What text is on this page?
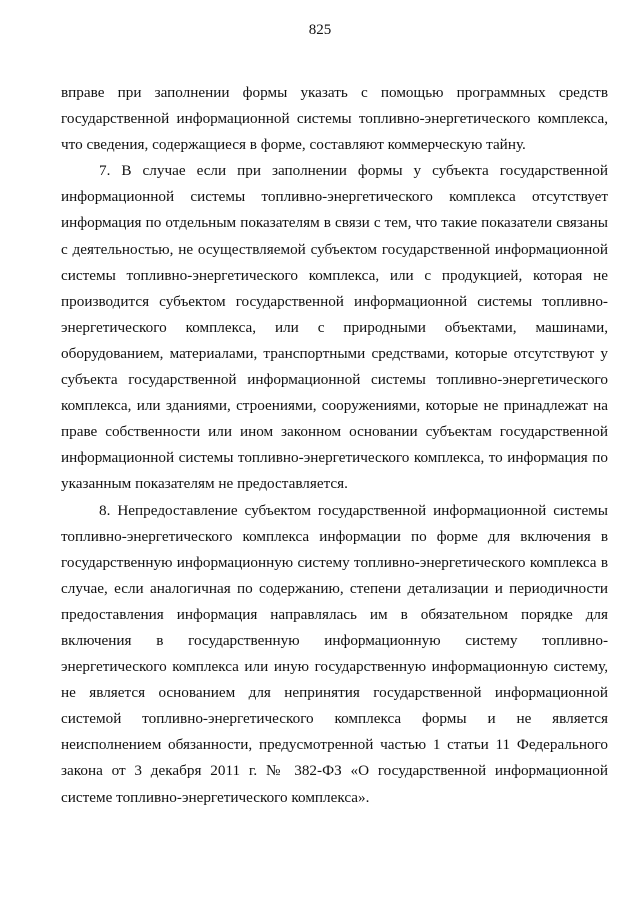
825

вправе при заполнении формы указать с помощью программных средств государственной информационной системы топливно-энергетического комплекса, что сведения, содержащиеся в форме, составляют коммерческую тайну.

7. В случае если при заполнении формы у субъекта государственной информационной системы топливно-энергетического комплекса отсутствует информация по отдельным показателям в связи с тем, что такие показатели связаны с деятельностью, не осуществляемой субъектом государственной информационной системы топливно-энергетического комплекса, или с продукцией, которая не производится субъектом государственной информационной системы топливно-энергетического комплекса, или с природными объектами, машинами, оборудованием, материалами, транспортными средствами, которые отсутствуют у субъекта государственной информационной системы топливно-энергетического комплекса, или зданиями, строениями, сооружениями, которые не принадлежат на праве собственности или ином законном основании субъектам государственной информационной системы топливно-энергетического комплекса, то информация по указанным показателям не предоставляется.

8. Непредоставление субъектом государственной информационной системы топливно-энергетического комплекса информации по форме для включения в государственную информационную систему топливно-энергетического комплекса в случае, если аналогичная по содержанию, степени детализации и периодичности предоставления информация направлялась им в обязательном порядке для включения в государственную информационную систему топливно-энергетического комплекса или иную государственную информационную систему, не является основанием для непринятия государственной информационной системой топливно-энергетического комплекса формы и не является неисполнением обязанности, предусмотренной частью 1 статьи 11 Федерального закона от 3 декабря 2011 г. № 382-ФЗ «О государственной информационной системе топливно-энергетического комплекса».
